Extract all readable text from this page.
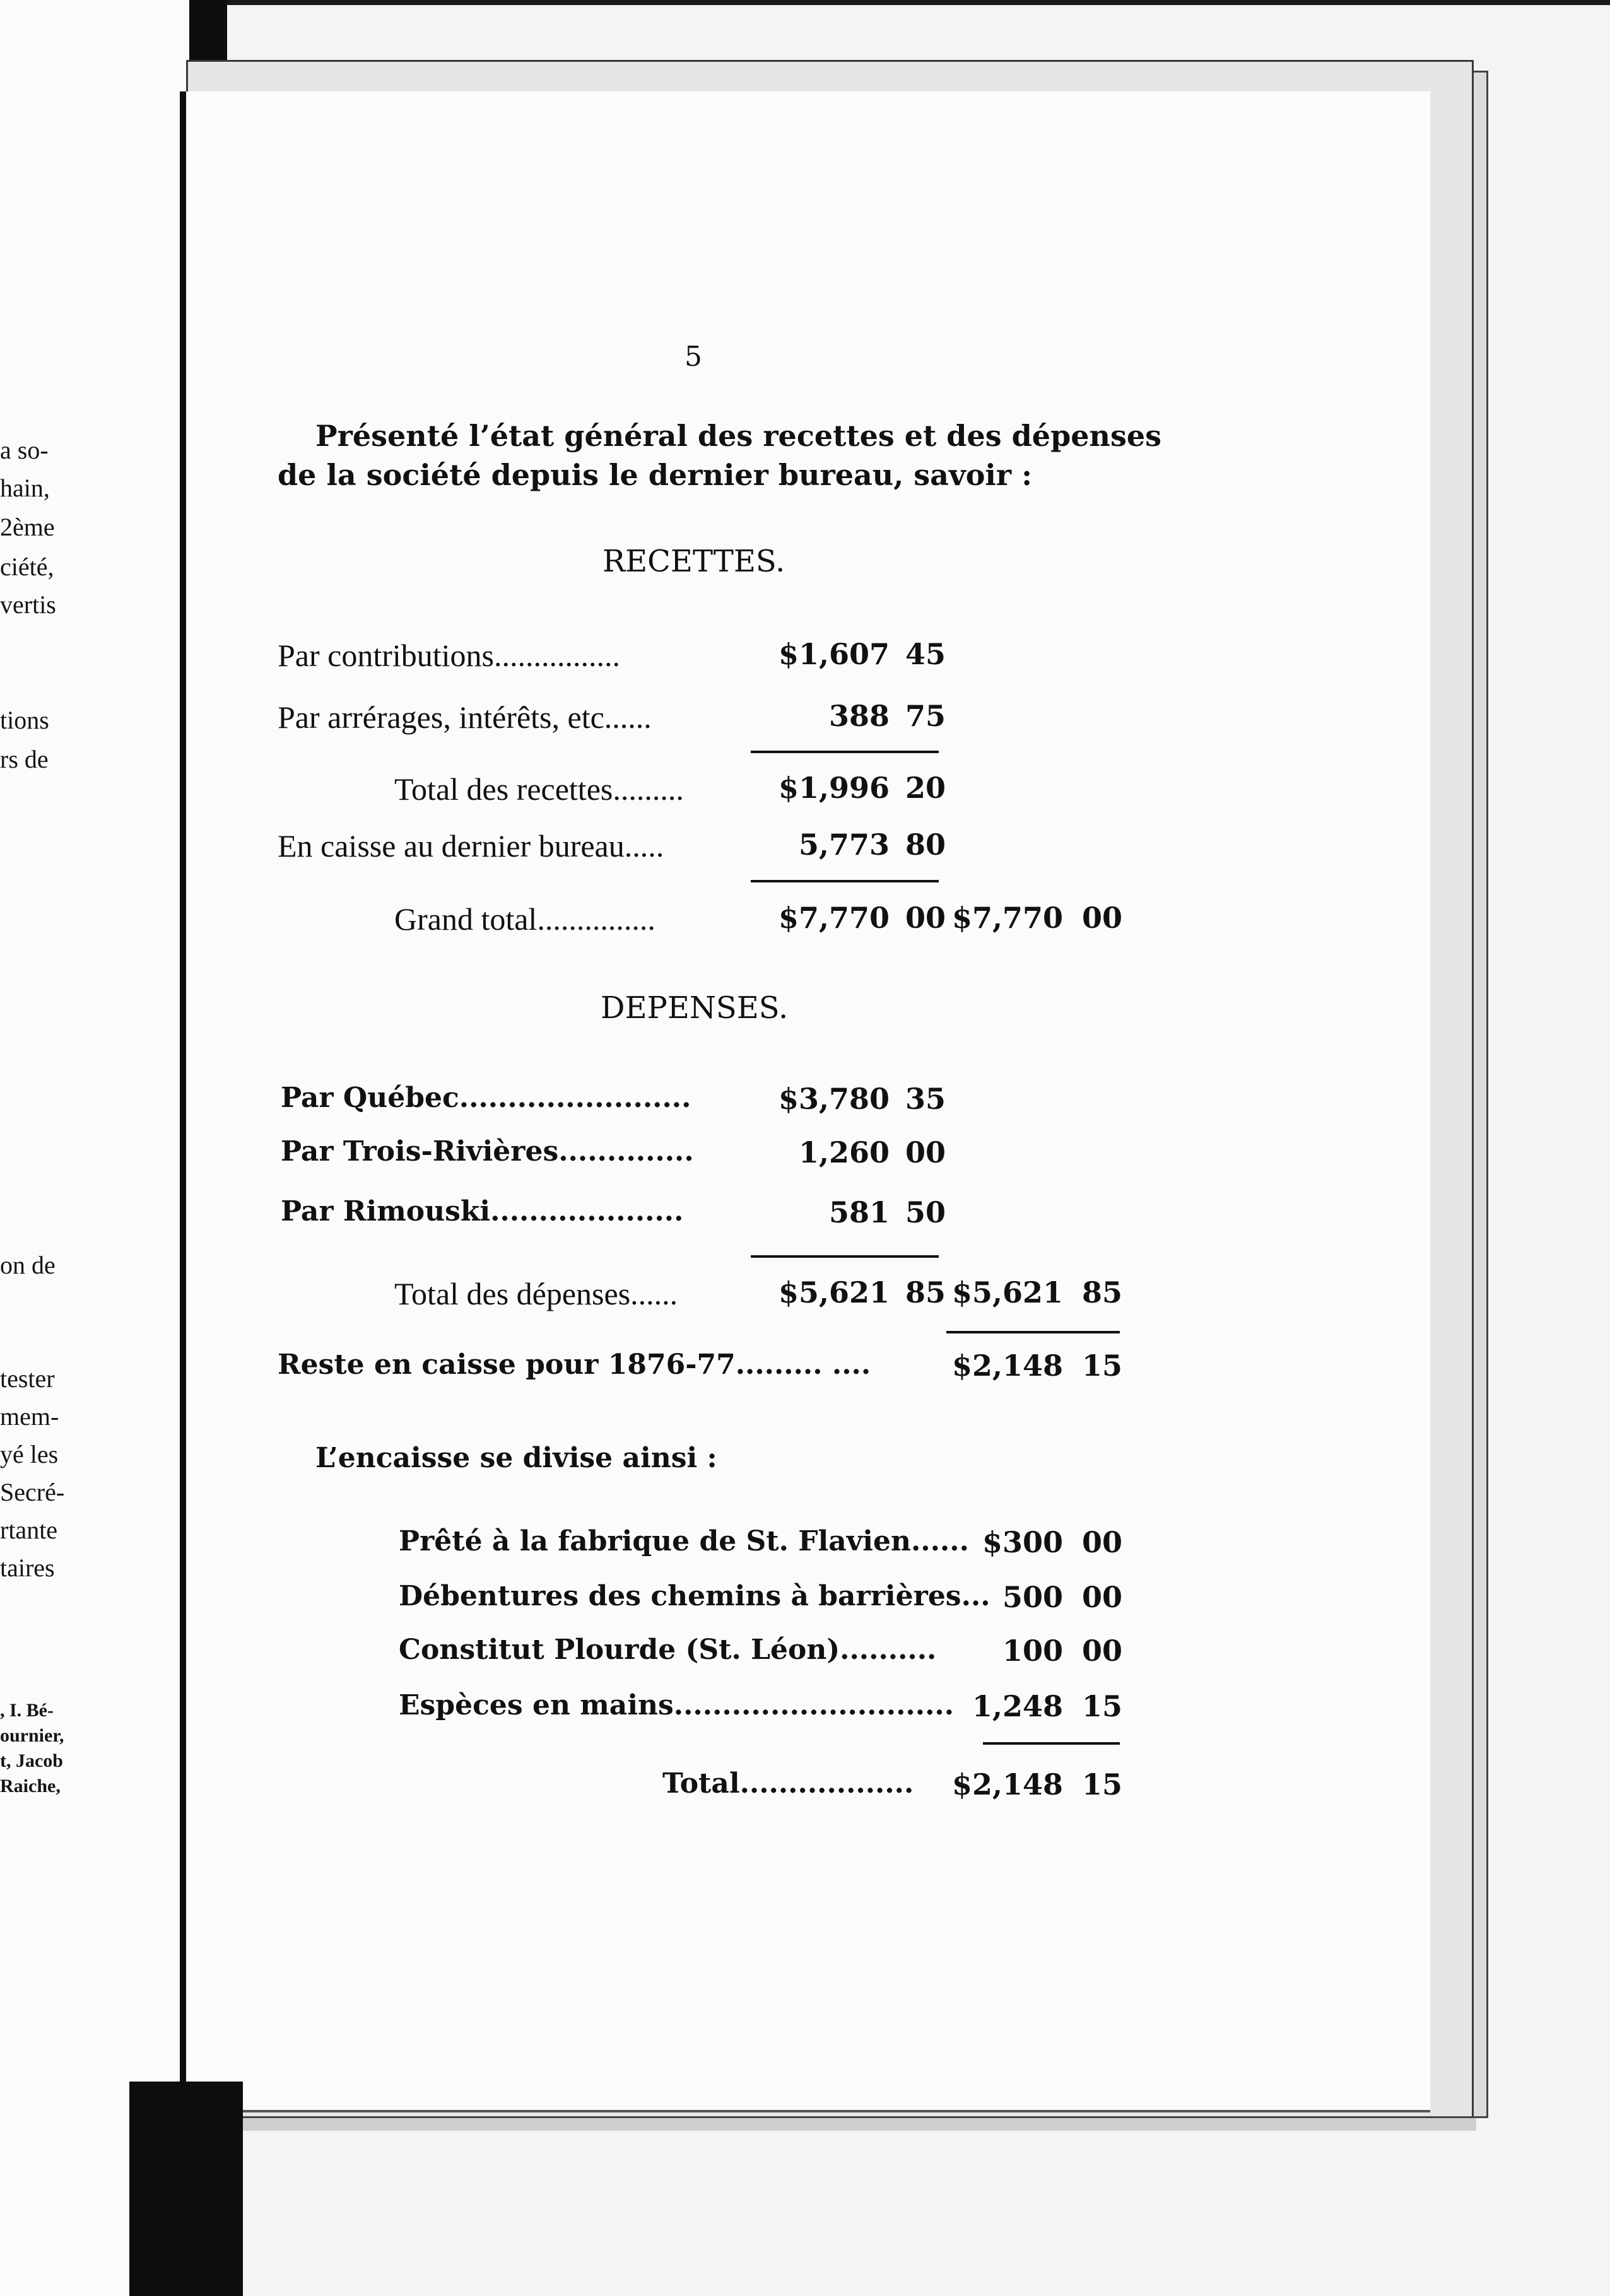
a so-
hain,
2ème
ciété,
vertis
tions
rs de
on de
tester
mem-
yé les
Secré-
rtante
taires
, I. Bé-
ournier,
t, Jacob
Raiche,
5
Présenté l’état général des recettes et des dépenses
de la société depuis le dernier bureau, savoir :
RECETTES.
Par contributions................	$1,607 45
Par arrérages, intérêts, etc......	388 75
Total des recettes.........	$1,996 20
En caisse au dernier bureau.....	5,773 80
Grand total...............	$7,770 00 $7,770 00
DEPENSES.
Par Québec........................	$3,780 35
Par Trois-Rivières..............	1,260 00
Par Rimouski....................	581 50
Total des dépenses......	$5,621 85 $5,621 85
Reste en caisse pour 1876-77......... ....	$2,148 15
L’encaisse se divise ainsi :
Prêté à la fabrique de St. Flavien...... $300 00
Débentures des chemins à barrières... 500 00
Constitut Plourde (St. Léon)..........	100 00
Espèces en mains............................. 1,248 15
Total.................. $2,148 15
